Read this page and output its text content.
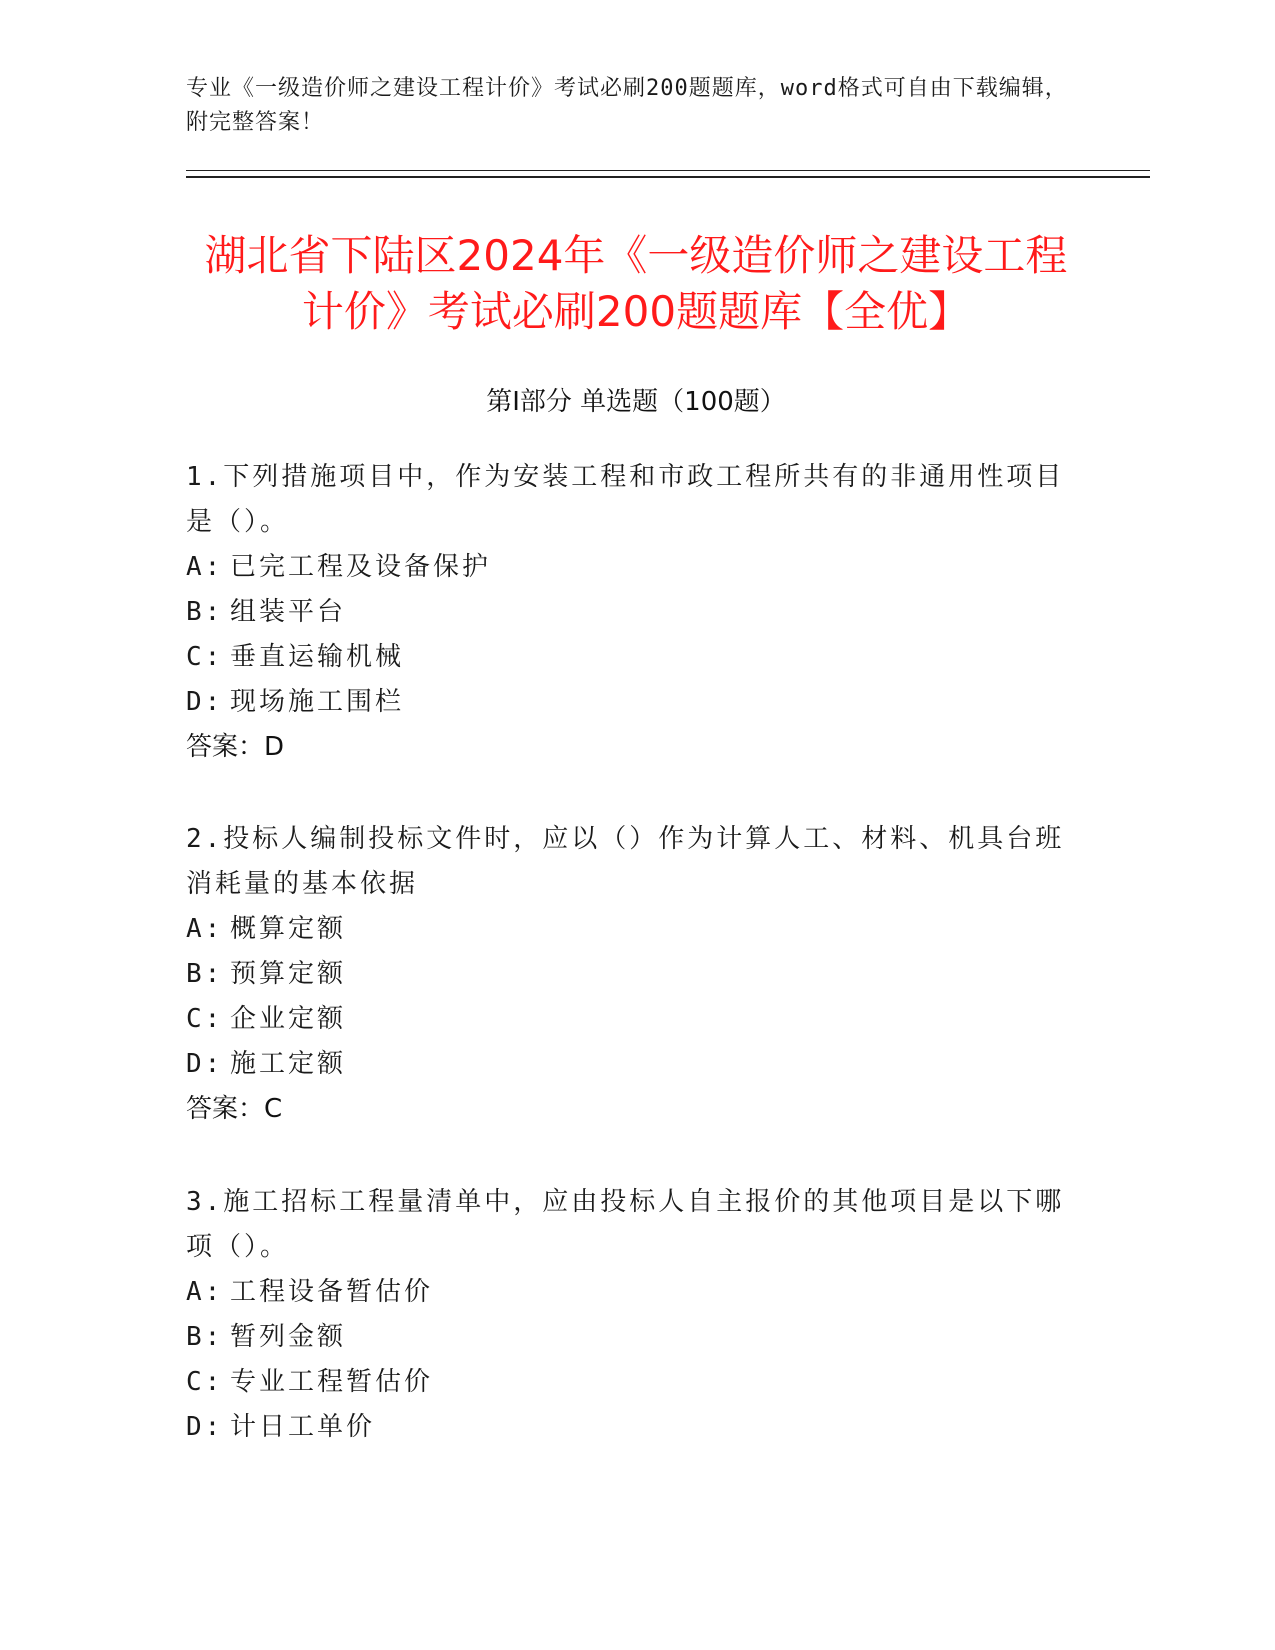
专业《一级造价师之建设工程计价》考试必刷200题题库，word格式可自由下载编辑，附完整答案！
湖北省下陆区2024年《一级造价师之建设工程计价》考试必刷200题题库【全优】
第Ⅰ部分 单选题（100题）

1.下列措施项目中，作为安装工程和市政工程所共有的非通用性项目是（）。

A: 已完工程及设备保护
B: 组装平台
C: 垂直运输机械
D: 现场施工围栏

答案：D

2.投标人编制投标文件时，应以（）作为计算人工、材料、机具台班消耗量的基本依据

A: 概算定额
B: 预算定额
C: 企业定额
D: 施工定额

答案：C

3.施工招标工程量清单中，应由投标人自主报价的其他项目是以下哪项（）。

A: 工程设备暂估价
B: 暂列金额
C: 专业工程暂估价
D: 计日工单价
